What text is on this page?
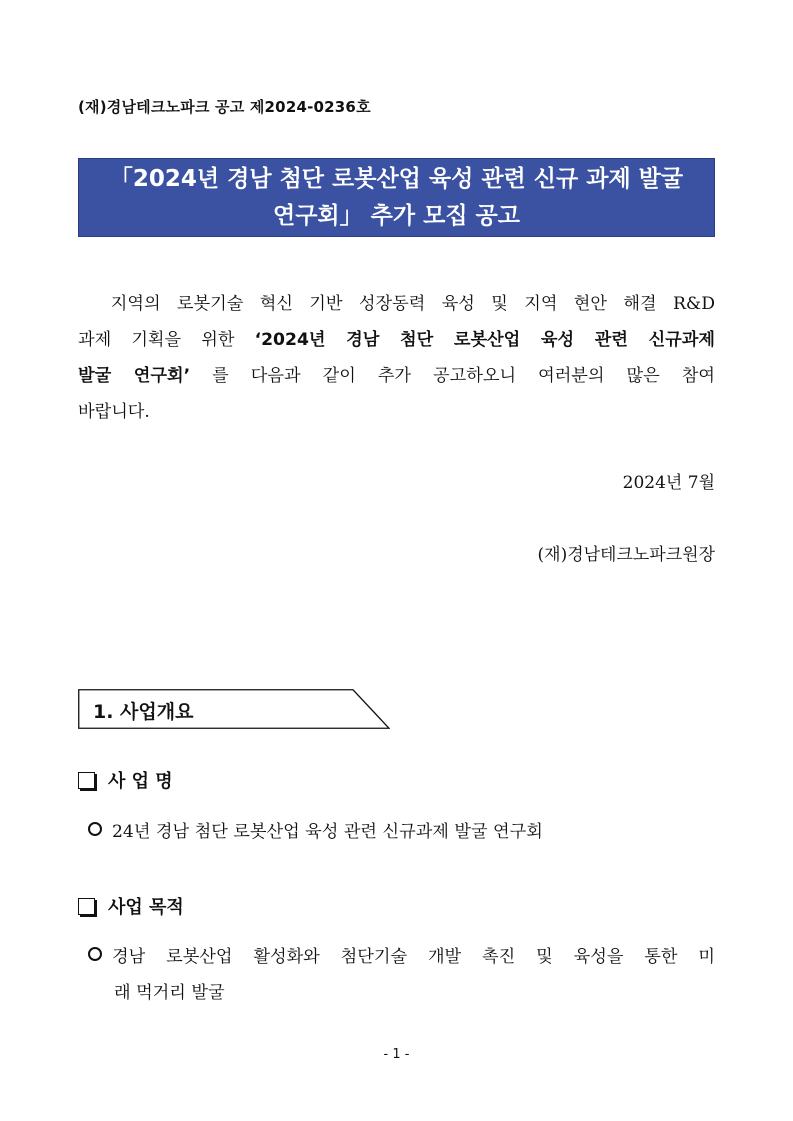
(재)경남테크노파크 공고 제2024-0236호
「2024년 경남 첨단 로봇산업 육성 관련 신규 과제 발굴
연구회」 추가 모집 공고
지역의 로봇기술 혁신 기반 성장동력 육성 및 지역 현안 해결 R&D
과제 기획을 위한 ‘2024년 경남 첨단 로봇산업 육성 관련 신규과제
발굴 연구회’ 를 다음과 같이 추가 공고하오니 여러분의 많은 참여
바랍니다.
2024년 7월
(재)경남테크노파크원장
1. 사업개요
사 업 명
24년 경남 첨단 로봇산업 육성 관련 신규과제 발굴 연구회
사업 목적
경남 로봇산업 활성화와 첨단기술 개발 촉진 및 육성을 통한 미
래 먹거리 발굴
- 1 -
